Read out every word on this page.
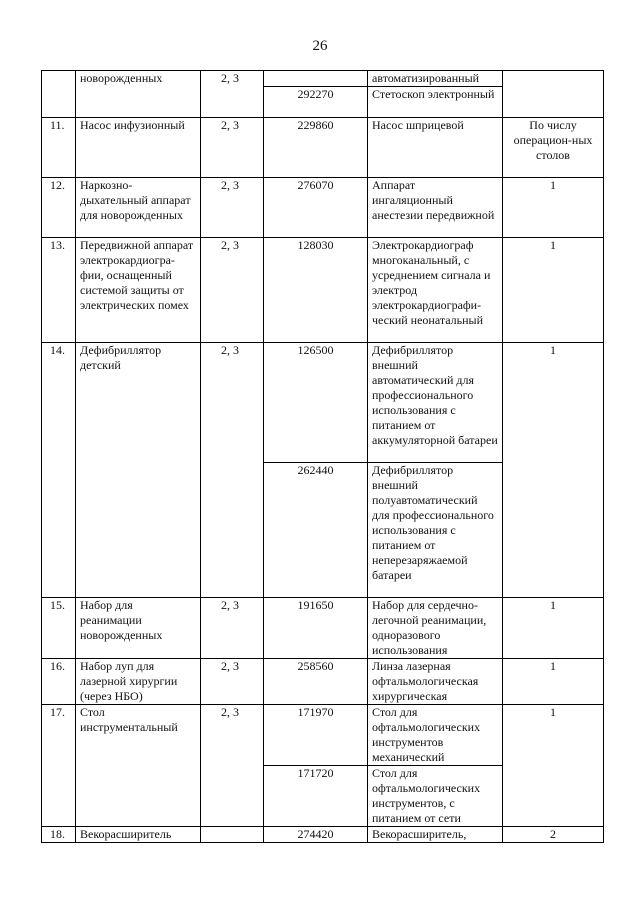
26
	новорожденных	2, 3		автоматизированный	
			292270	Стетоскоп электронный	
11.	Насос инфузионный	2, 3	229860	Насос шприцевой	По числу операцион-ных столов
12.	Наркозно-дыхательный аппарат для новорожденных	2, 3	276070	Аппарат ингаляционный анестезии передвижной	1
13.	Передвижной аппарат электрокардиогра-фии, оснащенный системой защиты от электрических помех	2, 3	128030	Электрокардиограф многоканальный, с усреднением сигнала и электрод электрокардиографи-ческий неонатальный	1
14.	Дефибриллятор детский	2, 3	126500	Дефибриллятор внешний автоматический для профессионального использования с питанием от аккумуляторной батареи	1
			262440	Дефибриллятор внешний полуавтоматический для профессионального использования с питанием от неперезаряжаемой батареи	
15.	Набор для реанимации новорожденных	2, 3	191650	Набор для сердечно-легочной реанимации, одноразового использования	1
16.	Набор луп для лазерной хирургии (через НБО)	2, 3	258560	Линза лазерная офтальмологическая хирургическая	1
17.	Стол инструментальный	2, 3	171970	Стол для офтальмологических инструментов механический	1
			171720	Стол для офтальмологических инструментов, с питанием от сети	
18.	Векорасширитель		274420	Векорасширитель,	2
